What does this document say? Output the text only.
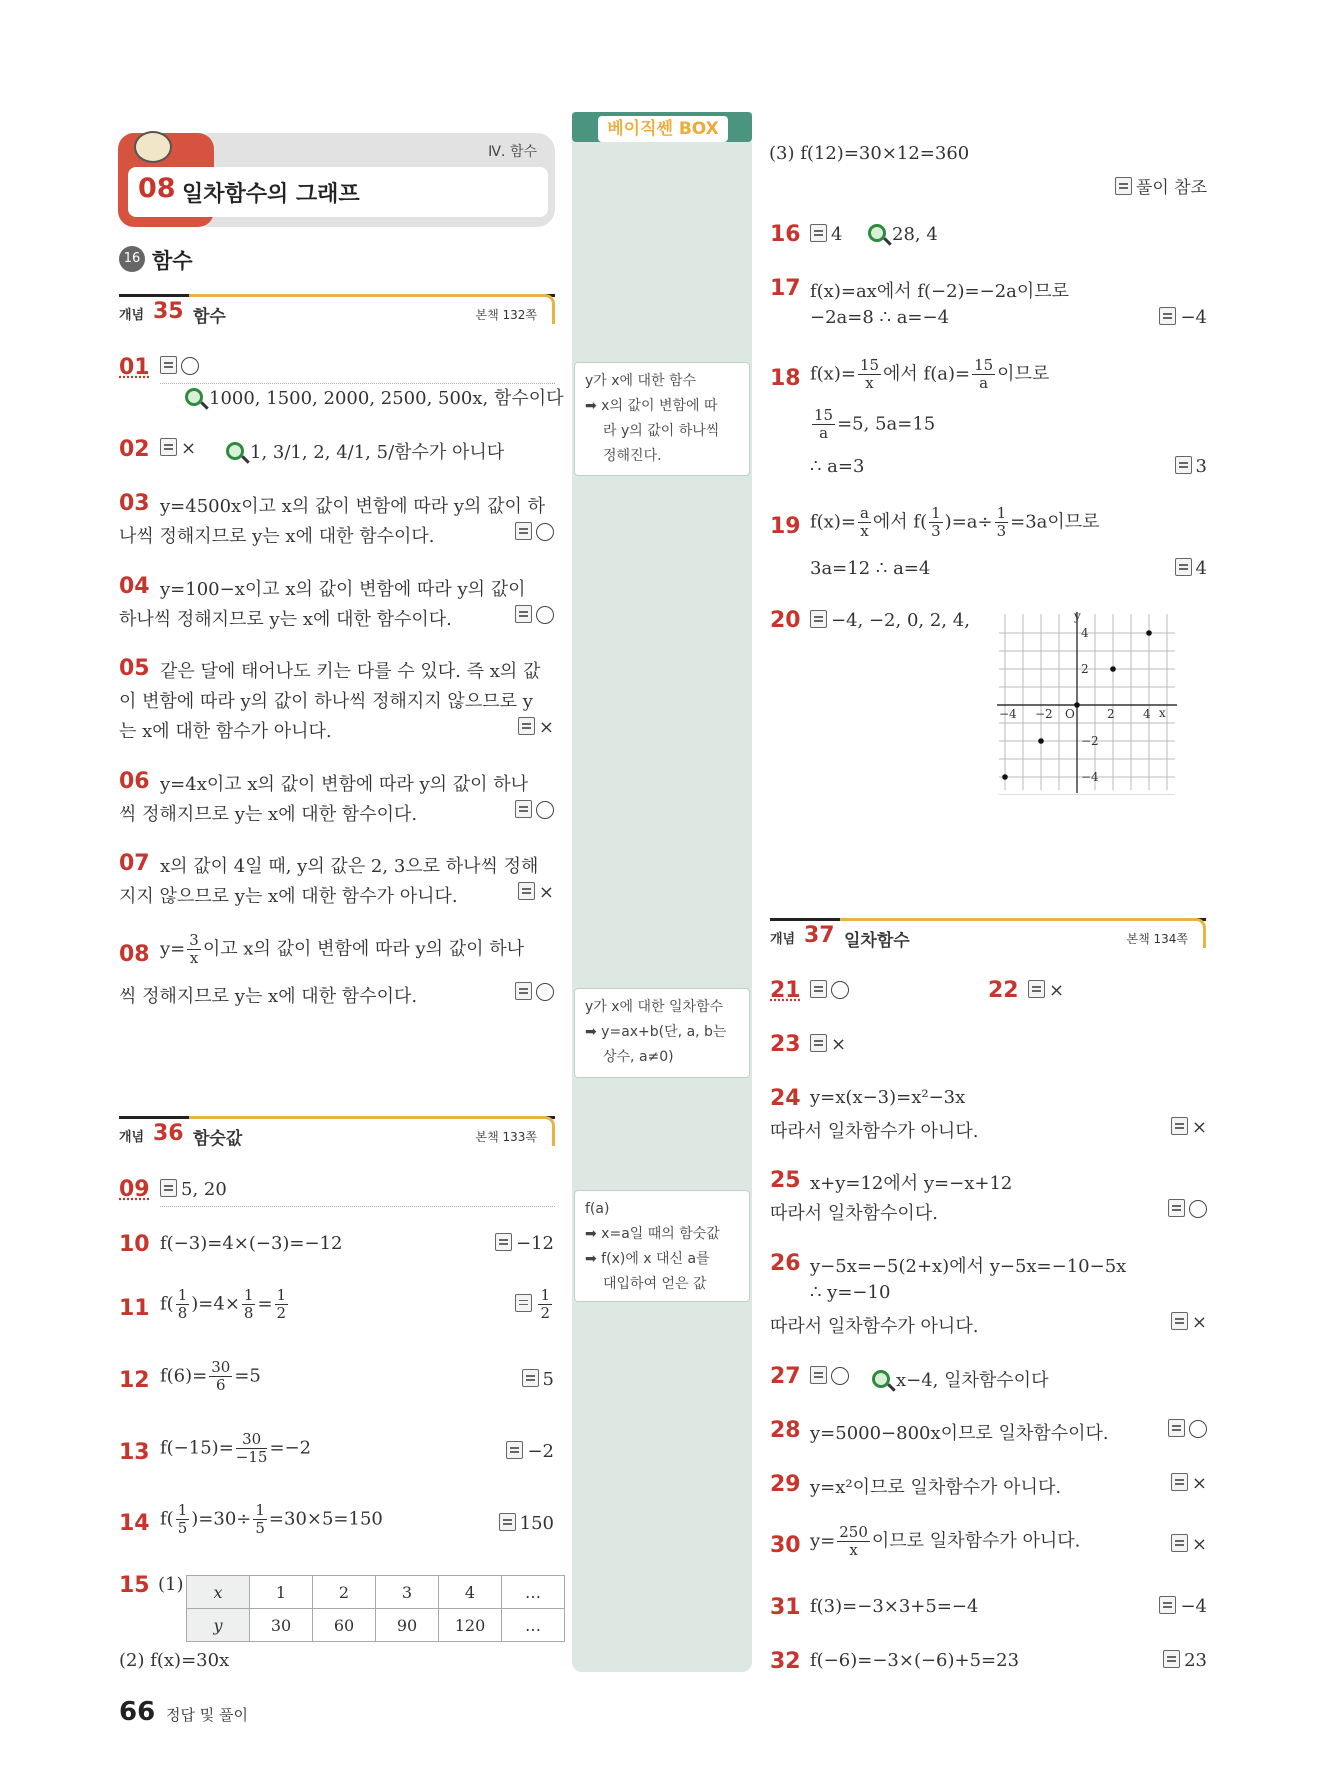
Ⅳ. 함수
08 일차함수의 그래프
16 함수
베이직쎈 BOX
y가 x에 대한 함수
➡ x의 값이 변함에 따
라 y의 값이 하나씩
정해진다.
y가 x에 대한 일차함수
➡ y=ax+b(단, a, b는
상수, a≠0)
f(a)
➡ x=a일 때의 함숫값
➡ f(x)에 x 대신 a를
대입하여 얻은 값
개념 35 함수	본책 132쪽
01
1000, 1500, 2000, 2500, 500x, 함수이다
02	×	1, 3/1, 2, 4/1, 5/함수가 아니다
03 y=4500x이고 x의 값이 변함에 따라 y의 값이 하
나씩 정해지므로 y는 x에 대한 함수이다.
04 y=100−x이고 x의 값이 변함에 따라 y의 값이
하나씩 정해지므로 y는 x에 대한 함수이다.
05 같은 달에 태어나도 키는 다를 수 있다. 즉 x의 값
이 변함에 따라 y의 값이 하나씩 정해지지 않으므로 y
는 x에 대한 함수가 아니다.	×
06 y=4x이고 x의 값이 변함에 따라 y의 값이 하나
씩 정해지므로 y는 x에 대한 함수이다.
07 x의 값이 4일 때, y의 값은 2, 3으로 하나씩 정해
지지 않으므로 y는 x에 대한 함수가 아니다.	×
08 $y= \frac{3}{x}$ 이고 x의 값이 변함에 따라 y의 값이 하나
씩 정해지므로 y는 x에 대한 함수이다.
개념 36 함숫값	본책 133쪽
09	5, 20
10 f(−3)=4×(−3)=−12	−12
11 $f( \frac{1}{8} )=4\times \frac{1}{8} = \frac{1}{2}$	$\frac{1}{2}$
12 $f(6)= \frac{30}{6} =5$	5
13 $f(-15)= \frac{30}{-15} =-2$	−2
14 $f( \frac{1}{5} )=30\div \frac{1}{5} =30\times 5=150$	150
15 (1) x	1	2	3	4	…
y	30	60	90	120	…
(2) f(x)=30x
66 정답 및 풀이
(3) f(12)=30×12=360
풀이 참조
16	4	28, 4
17 f(x)=ax에서 f(−2)=−2a이므로
−2a=8 ∴ a=−4	−4
18 $f(x)= \frac{15}{x}$ 에서 $f(a)= \frac{15}{a}$ 이므로
$\frac{15}{a} =5$, 5a=15
∴ a=3	3
19 $f(x)= \frac{a}{x}$ 에서 $f( \frac{1}{3} )=a\div \frac{1}{3} =3a$이므로
3a=12 ∴ a=4	4
20	−4, −2, 0, 2, 4,
x
y
O
−4
−4
−2
−2
2
2
4
4
개념 37 일차함수	본책 134쪽
21	22	×
23	×
24 y=x(x−3)=x²−3x
따라서 일차함수가 아니다.	×
25 x+y=12에서 y=−x+12
따라서 일차함수이다.
26 y−5x=−5(2+x)에서 y−5x=−10−5x
∴ y=−10
따라서 일차함수가 아니다.	×
27	x−4, 일차함수이다
28 y=5000−800x이므로 일차함수이다.
29 y=x²이므로 일차함수가 아니다.	×
30 $y= \frac{250}{x}$ 이므로 일차함수가 아니다.	×
31 f(3)=−3×3+5=−4	−4
32 f(−6)=−3×(−6)+5=23	23
